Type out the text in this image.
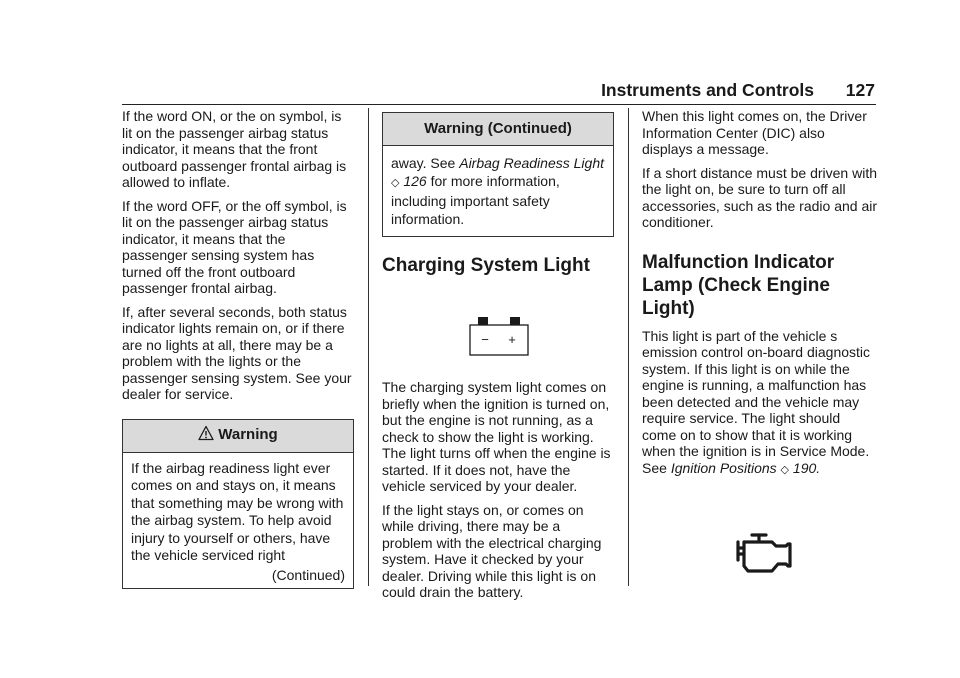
Instruments and Controls 127

If the word ON, or the on symbol, is lit on the passenger airbag status indicator, it means that the front outboard passenger frontal airbag is allowed to inflate.

If the word OFF, or the off symbol, is lit on the passenger airbag status indicator, it means that the passenger sensing system has turned off the front outboard passenger frontal airbag.

If, after several seconds, both status indicator lights remain on, or if there are no lights at all, there may be a problem with the lights or the passenger sensing system. See your dealer for service.

Warning

If the airbag readiness light ever comes on and stays on, it means that something may be wrong with the airbag system. To help avoid injury to yourself or others, have the vehicle serviced right

(Continued)
Warning (Continued)
away. See Airbag Readiness Light ◇ 126 for more information, including important safety information.
Charging System Light
− +

The charging system light comes on briefly when the ignition is turned on, but the engine is not running, as a check to show the light is working. The light turns off when the engine is started. If it does not, have the vehicle serviced by your dealer.

If the light stays on, or comes on while driving, there may be a problem with the electrical charging system. Have it checked by your dealer. Driving while this light is on could drain the battery.

When this light comes on, the Driver Information Center (DIC) also displays a message.

If a short distance must be driven with the light on, be sure to turn off all accessories, such as the radio and air conditioner.

Malfunction Indicator Lamp (Check Engine Light)

This light is part of the vehicle s emission control on-board diagnostic system. If this light is on while the engine is running, a malfunction has been detected and the vehicle may require service. The light should come on to show that it is working when the ignition is in Service Mode. See Ignition Positions ◇ 190.
